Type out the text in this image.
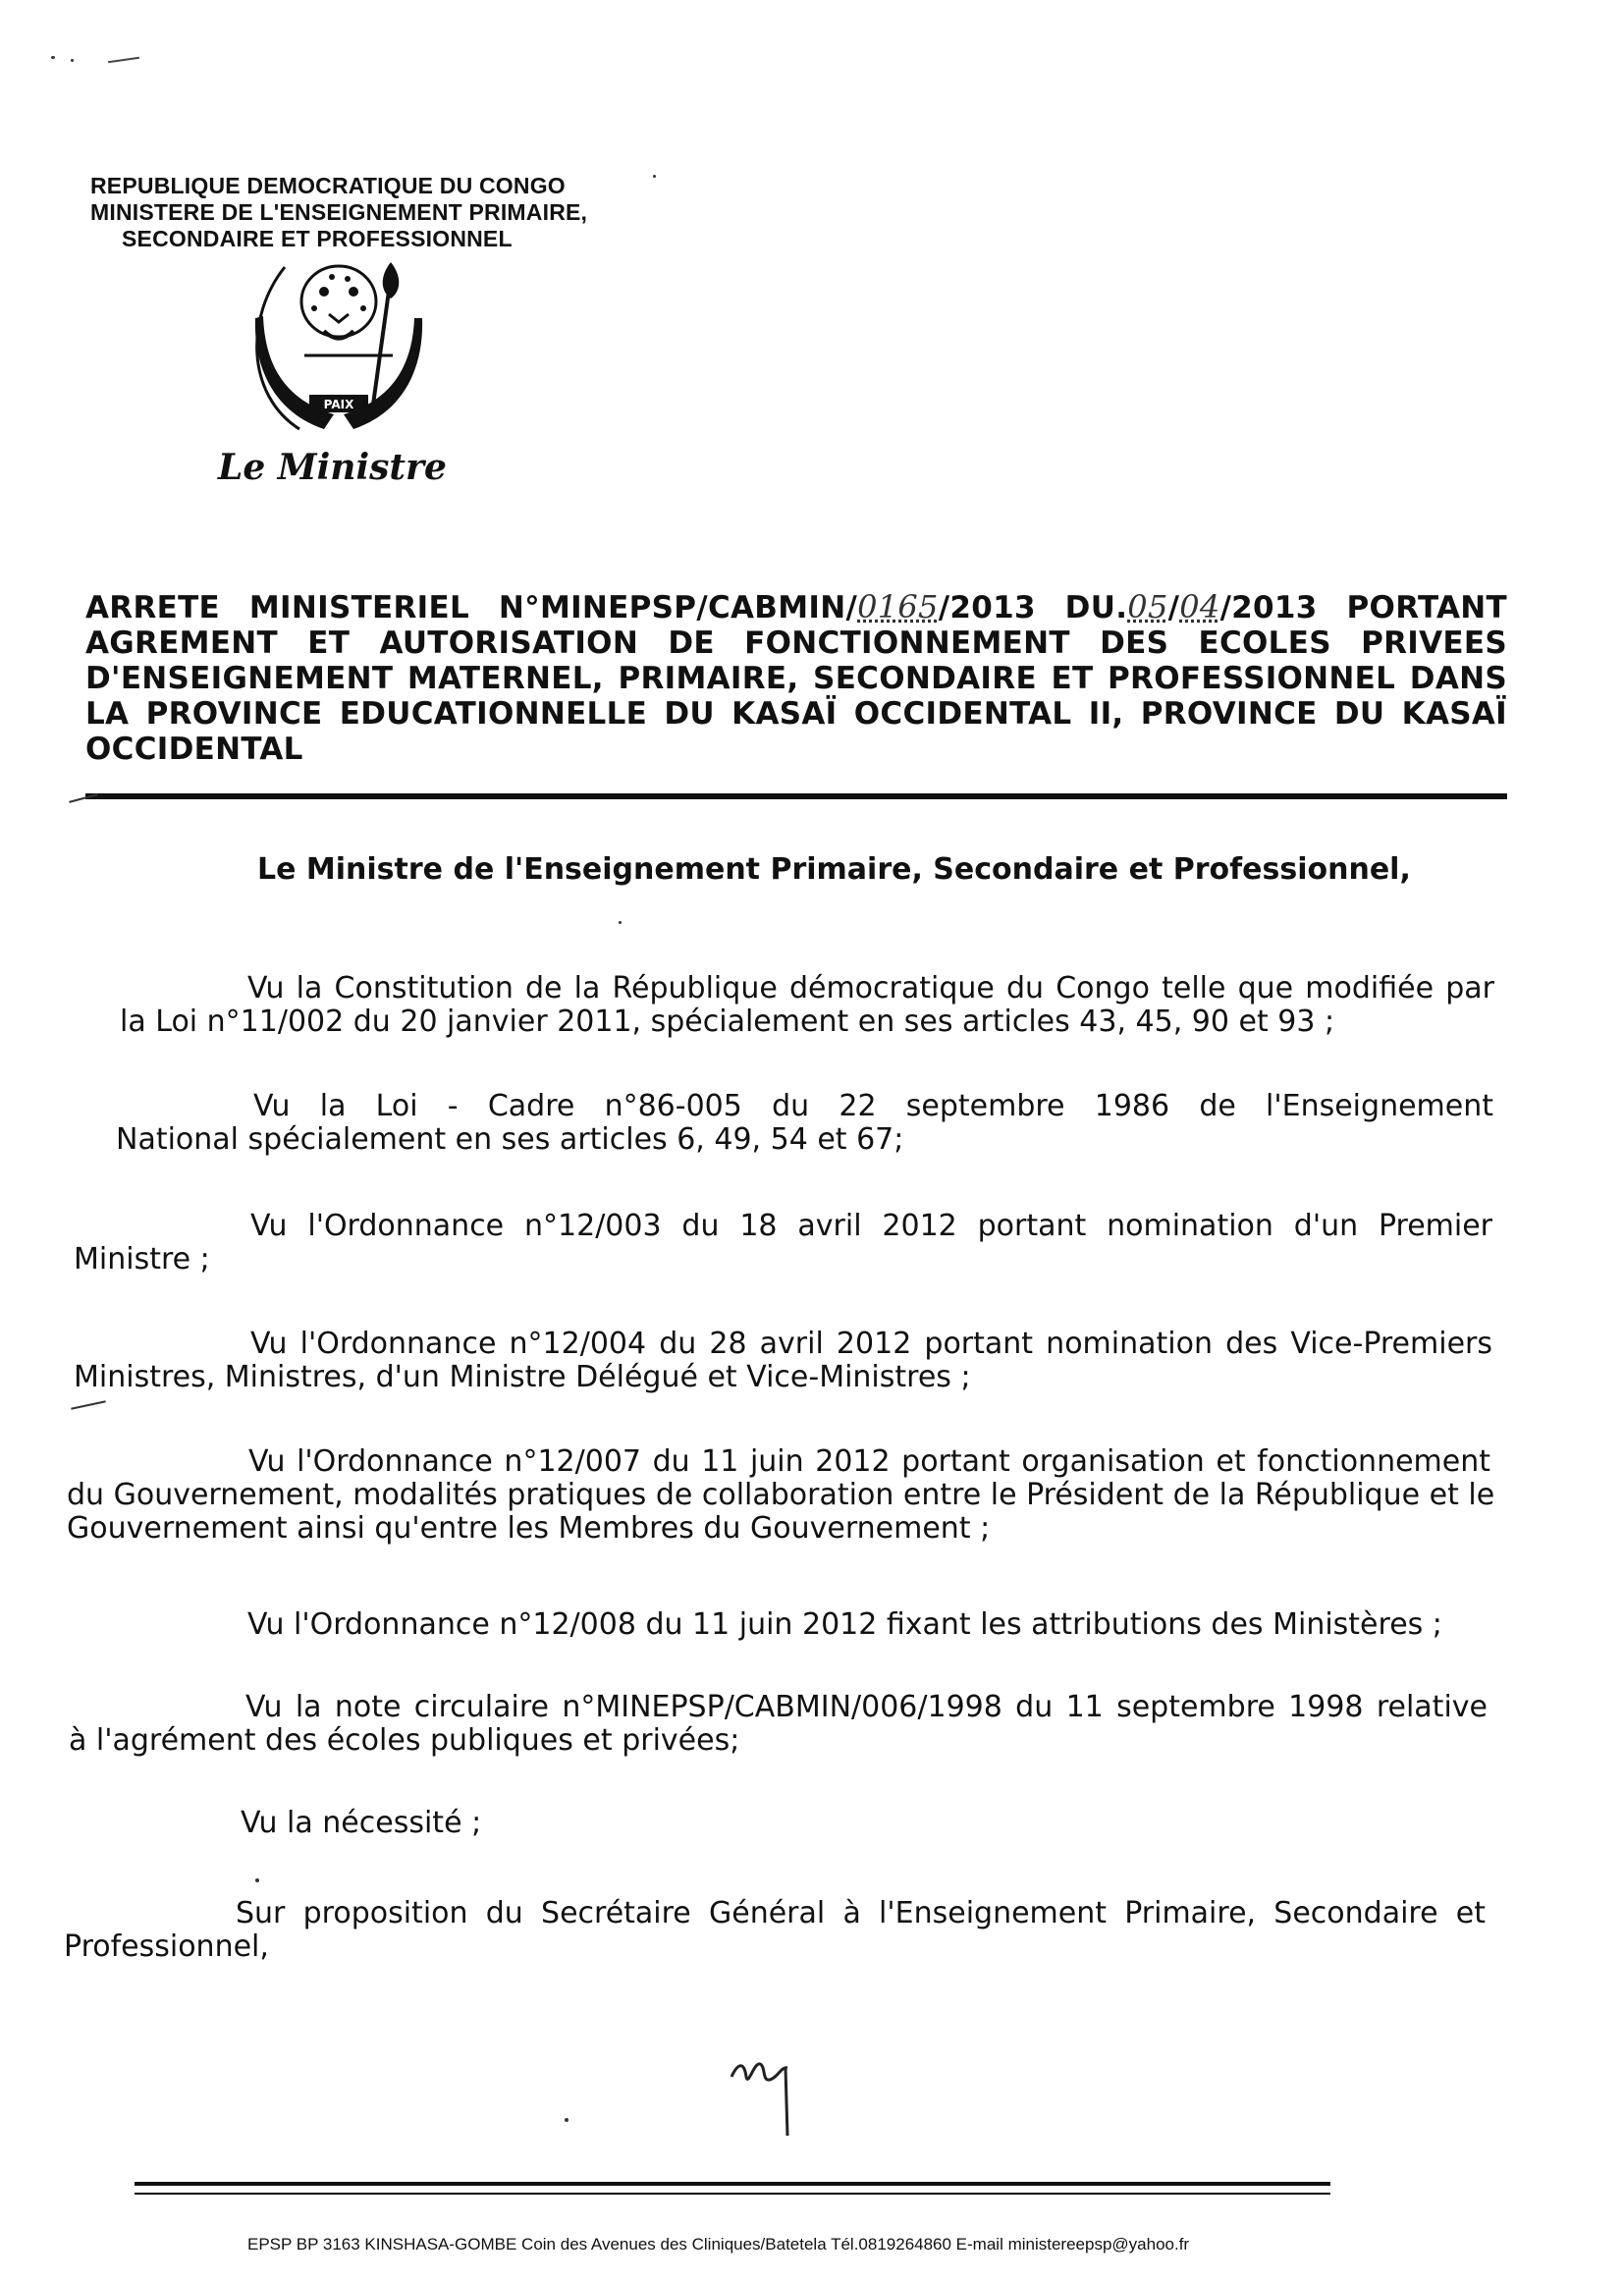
REPUBLIQUE DEMOCRATIQUE DU CONGO
MINISTERE DE L'ENSEIGNEMENT PRIMAIRE,
SECONDAIRE ET PROFESSIONNEL
PAIX
Le Ministre
ARRETE MINISTERIEL N°MINEPSP/CABMIN/0165/2013 DU.05/04/2013 PORTANT
AGREMENT ET AUTORISATION DE FONCTIONNEMENT DES ECOLES PRIVEES
D'ENSEIGNEMENT MATERNEL, PRIMAIRE, SECONDAIRE ET PROFESSIONNEL DANS
LA PROVINCE EDUCATIONNELLE DU KASAÏ OCCIDENTAL II, PROVINCE DU KASAÏ
OCCIDENTAL
Le Ministre de l'Enseignement Primaire, Secondaire et Professionnel,
Vu la Constitution de la République démocratique du Congo telle que modifiée par
la Loi n°11/002 du 20 janvier 2011, spécialement en ses articles 43, 45, 90 et 93 ;
Vu la Loi - Cadre n°86-005 du 22 septembre 1986 de l'Enseignement
National spécialement en ses articles 6, 49, 54 et 67;
Vu l'Ordonnance n°12/003 du 18 avril 2012 portant nomination d'un Premier
Ministre ;
Vu l'Ordonnance n°12/004 du 28 avril 2012 portant nomination des Vice-Premiers
Ministres, Ministres, d'un Ministre Délégué et Vice-Ministres ;
Vu l'Ordonnance n°12/007 du 11 juin 2012 portant organisation et fonctionnement
du Gouvernement, modalités pratiques de collaboration entre le Président de la République et le
Gouvernement ainsi qu'entre les Membres du Gouvernement ;
Vu l'Ordonnance n°12/008 du 11 juin 2012 fixant les attributions des Ministères ;
Vu la note circulaire n°MINEPSP/CABMIN/006/1998 du 11 septembre 1998 relative
à l'agrément des écoles publiques et privées;
Vu la nécessité ;
Sur proposition du Secrétaire Général à l'Enseignement Primaire, Secondaire et
Professionnel,
EPSP BP 3163 KINSHASA-GOMBE Coin des Avenues des Cliniques/Batetela Tél.0819264860 E-mail ministereepsp@yahoo.fr
